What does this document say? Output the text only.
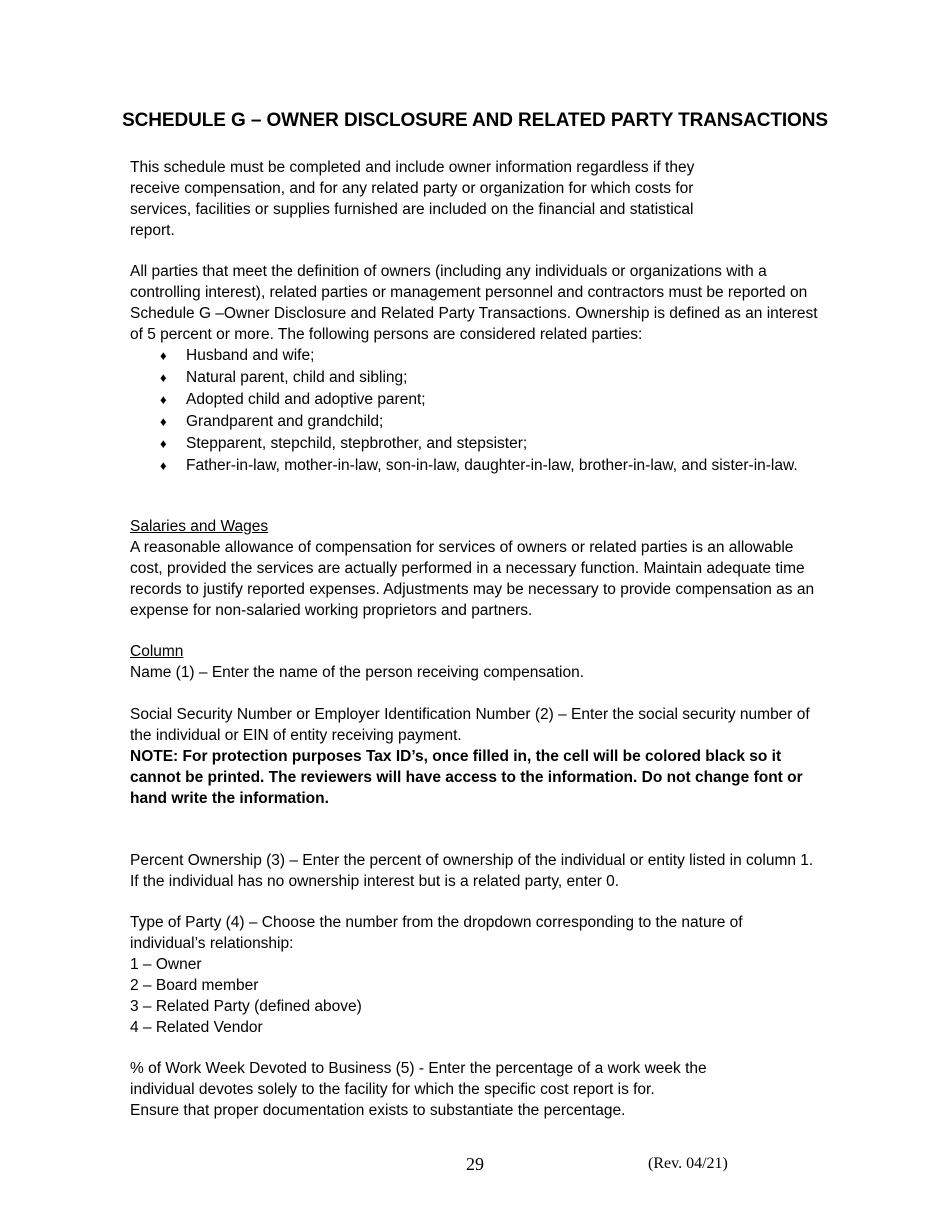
SCHEDULE G – OWNER DISCLOSURE AND RELATED PARTY TRANSACTIONS

This schedule must be completed and include owner information regardless if they receive compensation, and for any related party or organization for which costs for services, facilities or supplies furnished are included on the financial and statistical report.

All parties that meet the definition of owners (including any individuals or organizations with a controlling interest), related parties or management personnel and contractors must be reported on Schedule G –Owner Disclosure and Related Party Transactions. Ownership is defined as an interest of 5 percent or more. The following persons are considered related parties:

♦ Husband and wife;
♦ Natural parent, child and sibling;
♦ Adopted child and adoptive parent;
♦ Grandparent and grandchild;
♦ Stepparent, stepchild, stepbrother, and stepsister;
♦ Father-in-law, mother-in-law, son-in-law, daughter-in-law, brother-in-law, and sister-in-law.

Salaries and Wages

A reasonable allowance of compensation for services of owners or related parties is an allowable cost, provided the services are actually performed in a necessary function. Maintain adequate time records to justify reported expenses. Adjustments may be necessary to provide compensation as an expense for non-salaried working proprietors and partners.

Column

Name (1) – Enter the name of the person receiving compensation.

Social Security Number or Employer Identification Number (2) – Enter the social security number of the individual or EIN of entity receiving payment.

NOTE: For protection purposes Tax ID’s, once filled in, the cell will be colored black so it cannot be printed. The reviewers will have access to the information. Do not change font or hand write the information.

Percent Ownership (3) – Enter the percent of ownership of the individual or entity listed in column 1. If the individual has no ownership interest but is a related party, enter 0.

Type of Party (4) – Choose the number from the dropdown corresponding to the nature of individual’s relationship:

1 – Owner
2 – Board member
3 – Related Party (defined above)
4 – Related Vendor

% of Work Week Devoted to Business (5) - Enter the percentage of a work week the individual devotes solely to the facility for which the specific cost report is for.

Ensure that proper documentation exists to substantiate the percentage.

29	(Rev. 04/21)
